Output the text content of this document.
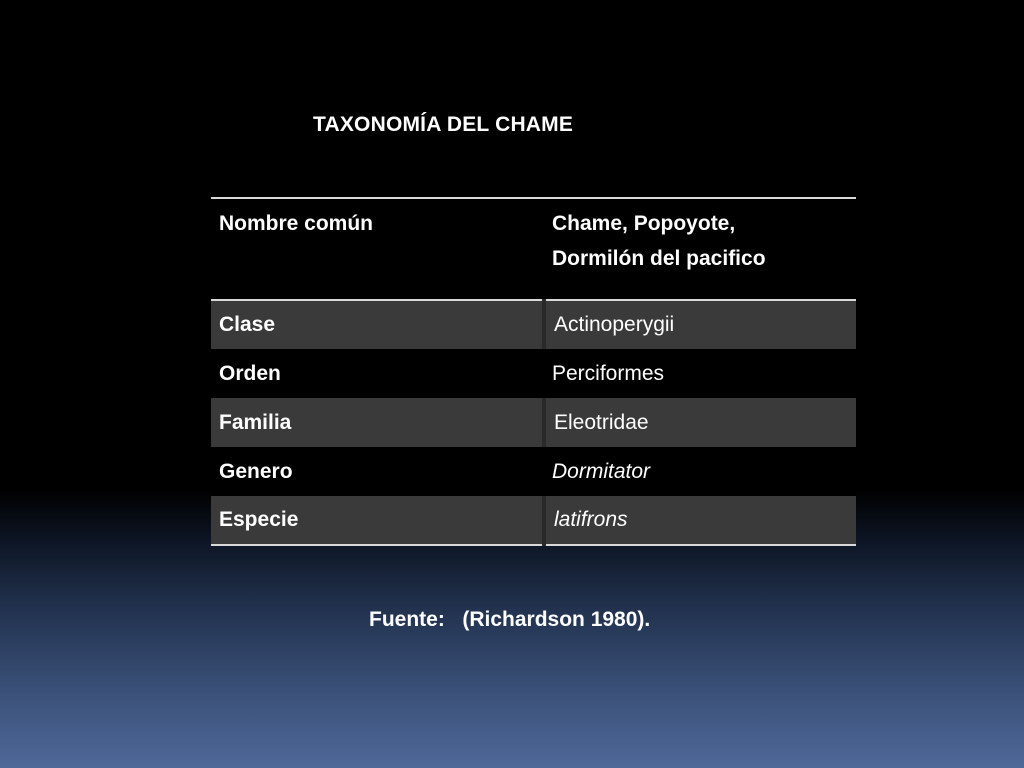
TAXONOMÍA DEL CHAME
Nombre común	Chame, Popoyote,
Dormilón del pacifico
Clase	Actinoperygii
Orden	Perciformes
Familia	Eleotridae
Genero	Dormitator
Especie	latifrons
Fuente: (Richardson 1980).
